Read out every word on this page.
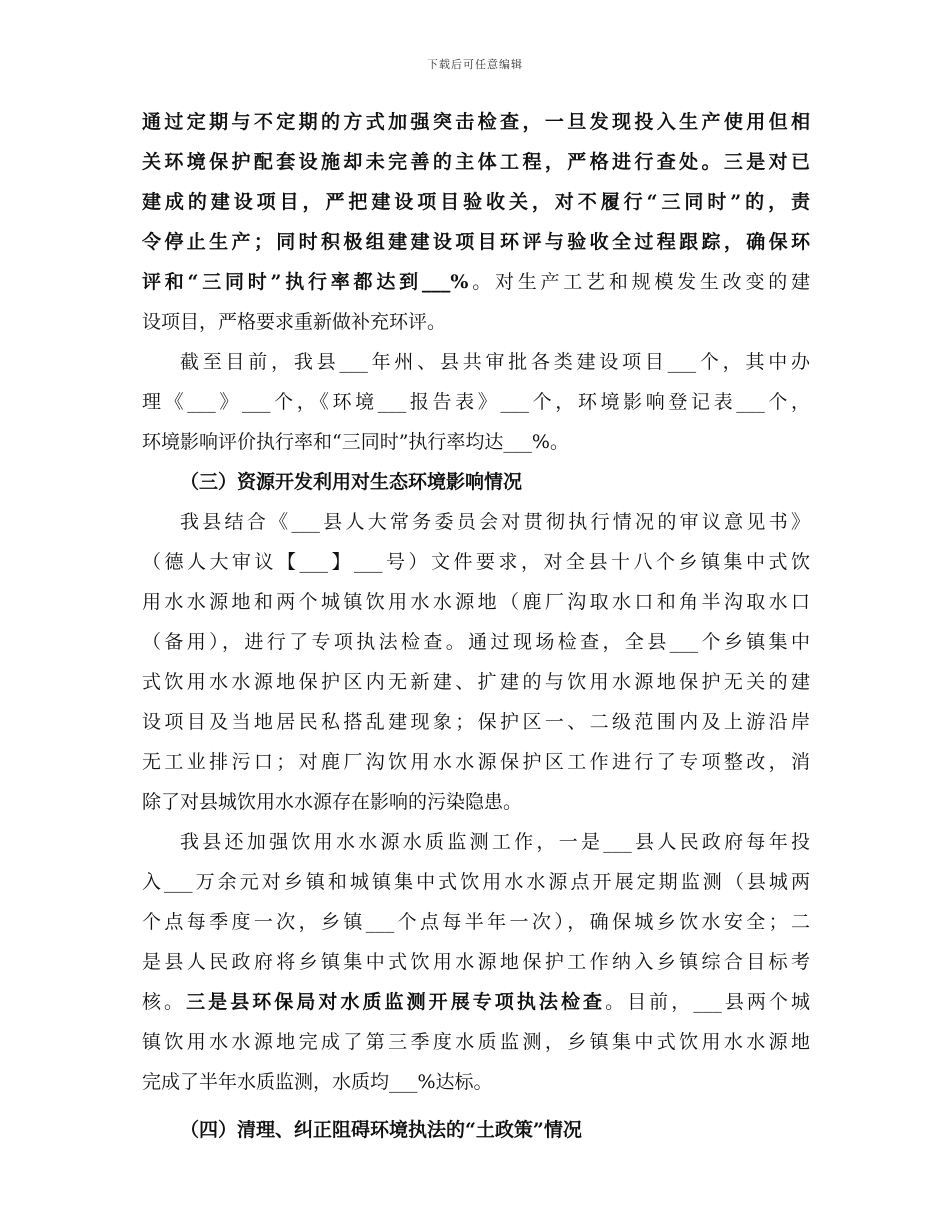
下载后可任意编辑
通过定期与不定期的方式加强突击检查，一旦发现投入生产使用但相
关环境保护配套设施却未完善的主体工程，严格进行查处。三是对已
建成的建设项目，严把建设项目验收关，对不履行“三同时”的，责
令停止生产；同时积极组建建设项目环评与验收全过程跟踪，确保环
评和“三同时”执行率都达到___%。对生产工艺和规模发生改变的建
设项目，严格要求重新做补充环评。
截至目前，我县___年州、县共审批各类建设项目___个，其中办
理《___》___个，《环境___报告表》___个，环境影响登记表___个，
环境影响评价执行率和“三同时”执行率均达___%。
（三）资源开发利用对生态环境影响情况
我县结合《___县人大常务委员会对贯彻执行情况的审议意见书》
（德人大审议【___】___号）文件要求，对全县十八个乡镇集中式饮
用水水源地和两个城镇饮用水水源地（鹿厂沟取水口和角半沟取水口
（备用），进行了专项执法检查。通过现场检查，全县___个乡镇集中
式饮用水水源地保护区内无新建、扩建的与饮用水源地保护无关的建
设项目及当地居民私搭乱建现象；保护区一、二级范围内及上游沿岸
无工业排污口；对鹿厂沟饮用水水源保护区工作进行了专项整改，消
除了对县城饮用水水源存在影响的污染隐患。
我县还加强饮用水水源水质监测工作，一是___县人民政府每年投
入___万余元对乡镇和城镇集中式饮用水水源点开展定期监测（县城两
个点每季度一次，乡镇___个点每半年一次），确保城乡饮水安全；二
是县人民政府将乡镇集中式饮用水源地保护工作纳入乡镇综合目标考
核。三是县环保局对水质监测开展专项执法检查。目前，___县两个城
镇饮用水水源地完成了第三季度水质监测，乡镇集中式饮用水水源地
完成了半年水质监测，水质均___%达标。
（四）清理、纠正阻碍环境执法的“土政策”情况
